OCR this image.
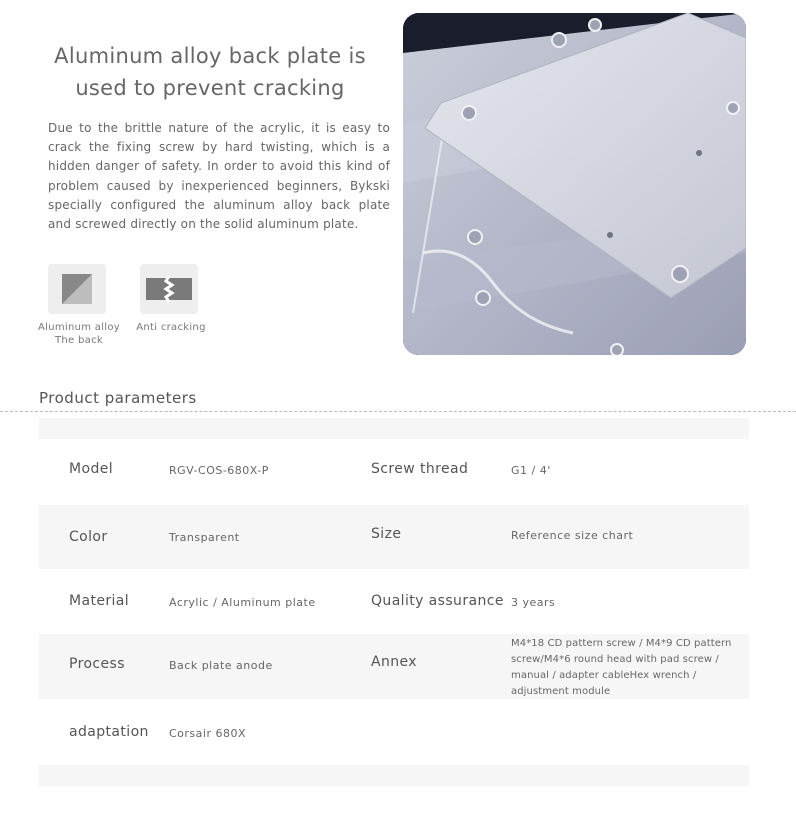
Aluminum alloy back plate is
used to prevent cracking
Due to the brittle nature of the acrylic, it is easy to crack the fixing screw by hard twisting, which is a hidden danger of safety. In order to avoid this kind of problem caused by inexperienced beginners, Bykski specially configured the aluminum alloy back plate and screwed directly on the solid aluminum plate.
Aluminum alloy
The back
Anti cracking
Product parameters
Model	RGV-COS-680X-P	Screw thread	G1 / 4'
Color	Transparent	Size	Reference size chart
Material	Acrylic / Aluminum plate	Quality assurance 3 years
Process	Back plate anode	Annex
M4*18 CD pattern screw / M4*9 CD pattern screw/M4*6 round head with pad screw / manual / adapter cableHex wrench / adjustment module
adaptation Corsair 680X
